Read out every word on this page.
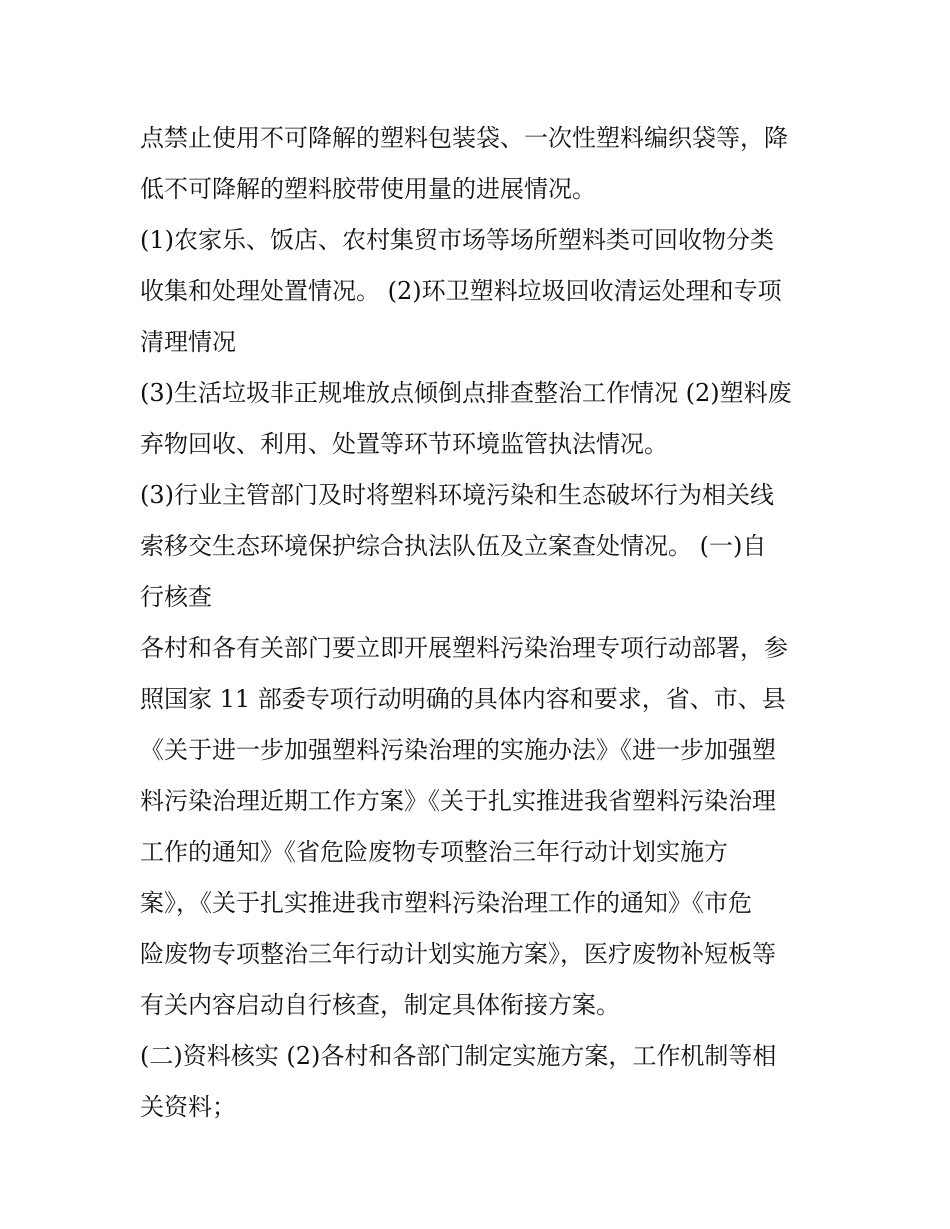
点禁止使用不可降解的塑料包装袋、一次性塑料编织袋等，降
低不可降解的塑料胶带使用量的进展情况。
(1)农家乐、饭店、农村集贸市场等场所塑料类可回收物分类
收集和处理处置情况。 (2)环卫塑料垃圾回收清运处理和专项
清理情况
(3)生活垃圾非正规堆放点倾倒点排查整治工作情况 (2)塑料废
弃物回收、利用、处置等环节环境监管执法情况。
(3)行业主管部门及时将塑料环境污染和生态破坏行为相关线
索移交生态环境保护综合执法队伍及立案查处情况。 (一)自
行核查
各村和各有关部门要立即开展塑料污染治理专项行动部署，参
照国家 11 部委专项行动明确的具体内容和要求，省、市、县
《关于进一步加强塑料污染治理的实施办法》《进一步加强塑
料污染治理近期工作方案》《关于扎实推进我省塑料污染治理
工作的通知》《省危险废物专项整治三年行动计划实施方
案》，《关于扎实推进我市塑料污染治理工作的通知》《市危
险废物专项整治三年行动计划实施方案》，医疗废物补短板等
有关内容启动自行核查，制定具体衔接方案。
(二)资料核实 (2)各村和各部门制定实施方案，工作机制等相
关资料；
